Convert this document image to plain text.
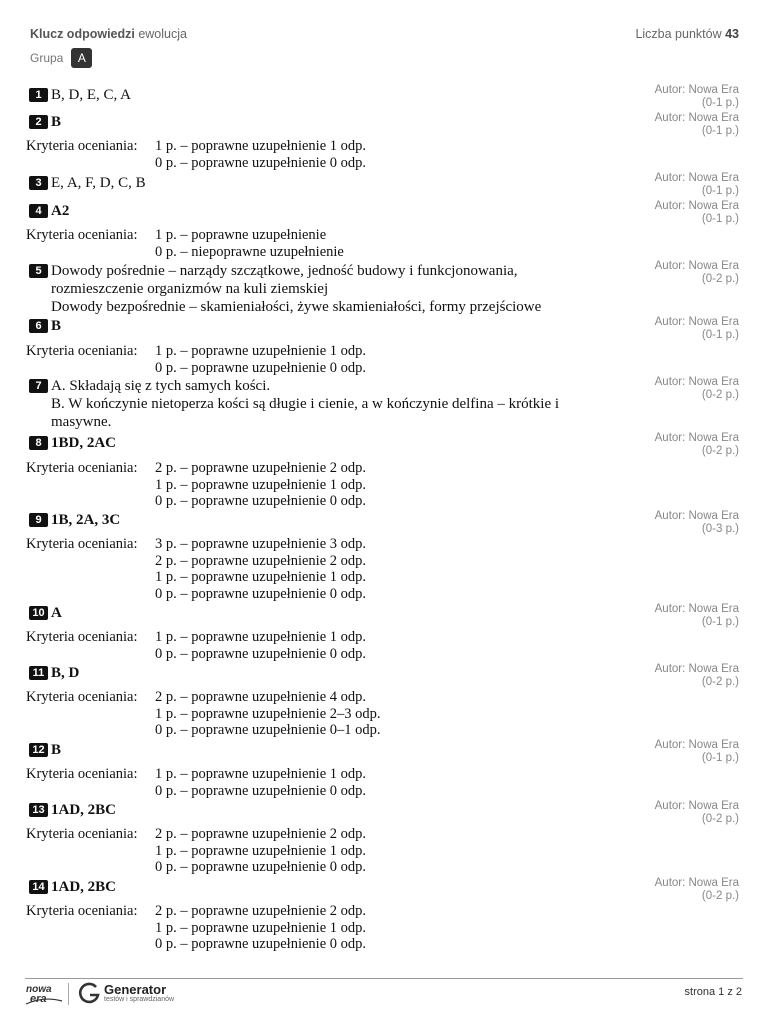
Klucz odpowiedzi ewolucja	Liczba punktów 43
Grupa	A
1 B, D, E, C, A	Autor: Nowa Era
(0-1 p.)
2 B	Autor: Nowa Era
(0-1 p.)
Kryteria oceniania:	1 p. – poprawne uzupełnienie 1 odp.
0 p. – poprawne uzupełnienie 0 odp.
3 E, A, F, D, C, B	Autor: Nowa Era
(0-1 p.)
4 A2	Autor: Nowa Era
(0-1 p.)
Kryteria oceniania:	1 p. – poprawne uzupełnienie
0 p. – niepoprawne uzupełnienie
5 Dowody pośrednie – narządy szczątkowe, jedność budowy i funkcjonowania,
rozmieszczenie organizmów na kuli ziemskiej
Dowody bezpośrednie – skamieniałości, żywe skamieniałości, formy przejściowe
Autor: Nowa Era
(0-2 p.)
6 B	Autor: Nowa Era
(0-1 p.)
Kryteria oceniania:	1 p. – poprawne uzupełnienie 1 odp.
0 p. – poprawne uzupełnienie 0 odp.
7 A. Składają się z tych samych kości.
B. W kończynie nietoperza kości są długie i cienie, a w kończynie delfina – krótkie i
masywne.
Autor: Nowa Era
(0-2 p.)
8 1BD, 2AC	Autor: Nowa Era
(0-2 p.)
Kryteria oceniania:	2 p. – poprawne uzupełnienie 2 odp.
1 p. – poprawne uzupełnienie 1 odp.
0 p. – poprawne uzupełnienie 0 odp.
9 1B, 2A, 3C	Autor: Nowa Era
(0-3 p.)
Kryteria oceniania:	3 p. – poprawne uzupełnienie 3 odp.
2 p. – poprawne uzupełnienie 2 odp.
1 p. – poprawne uzupełnienie 1 odp.
0 p. – poprawne uzupełnienie 0 odp.
10 A	Autor: Nowa Era
(0-1 p.)
Kryteria oceniania:	1 p. – poprawne uzupełnienie 1 odp.
0 p. – poprawne uzupełnienie 0 odp.
11 B, D	Autor: Nowa Era
(0-2 p.)
Kryteria oceniania:	2 p. – poprawne uzupełnienie 4 odp.
1 p. – poprawne uzupełnienie 2–3 odp.
0 p. – poprawne uzupełnienie 0–1 odp.
12 B	Autor: Nowa Era
(0-1 p.)
Kryteria oceniania:	1 p. – poprawne uzupełnienie 1 odp.
0 p. – poprawne uzupełnienie 0 odp.
13 1AD, 2BC	Autor: Nowa Era
(0-2 p.)
Kryteria oceniania:	2 p. – poprawne uzupełnienie 2 odp.
1 p. – poprawne uzupełnienie 1 odp.
0 p. – poprawne uzupełnienie 0 odp.
14 1AD, 2BC	Autor: Nowa Era
(0-2 p.)
Kryteria oceniania:	2 p. – poprawne uzupełnienie 2 odp.
1 p. – poprawne uzupełnienie 1 odp.
0 p. – poprawne uzupełnienie 0 odp.
nowa
era
Generator
testów i sprawdzianów
strona 1 z 2
